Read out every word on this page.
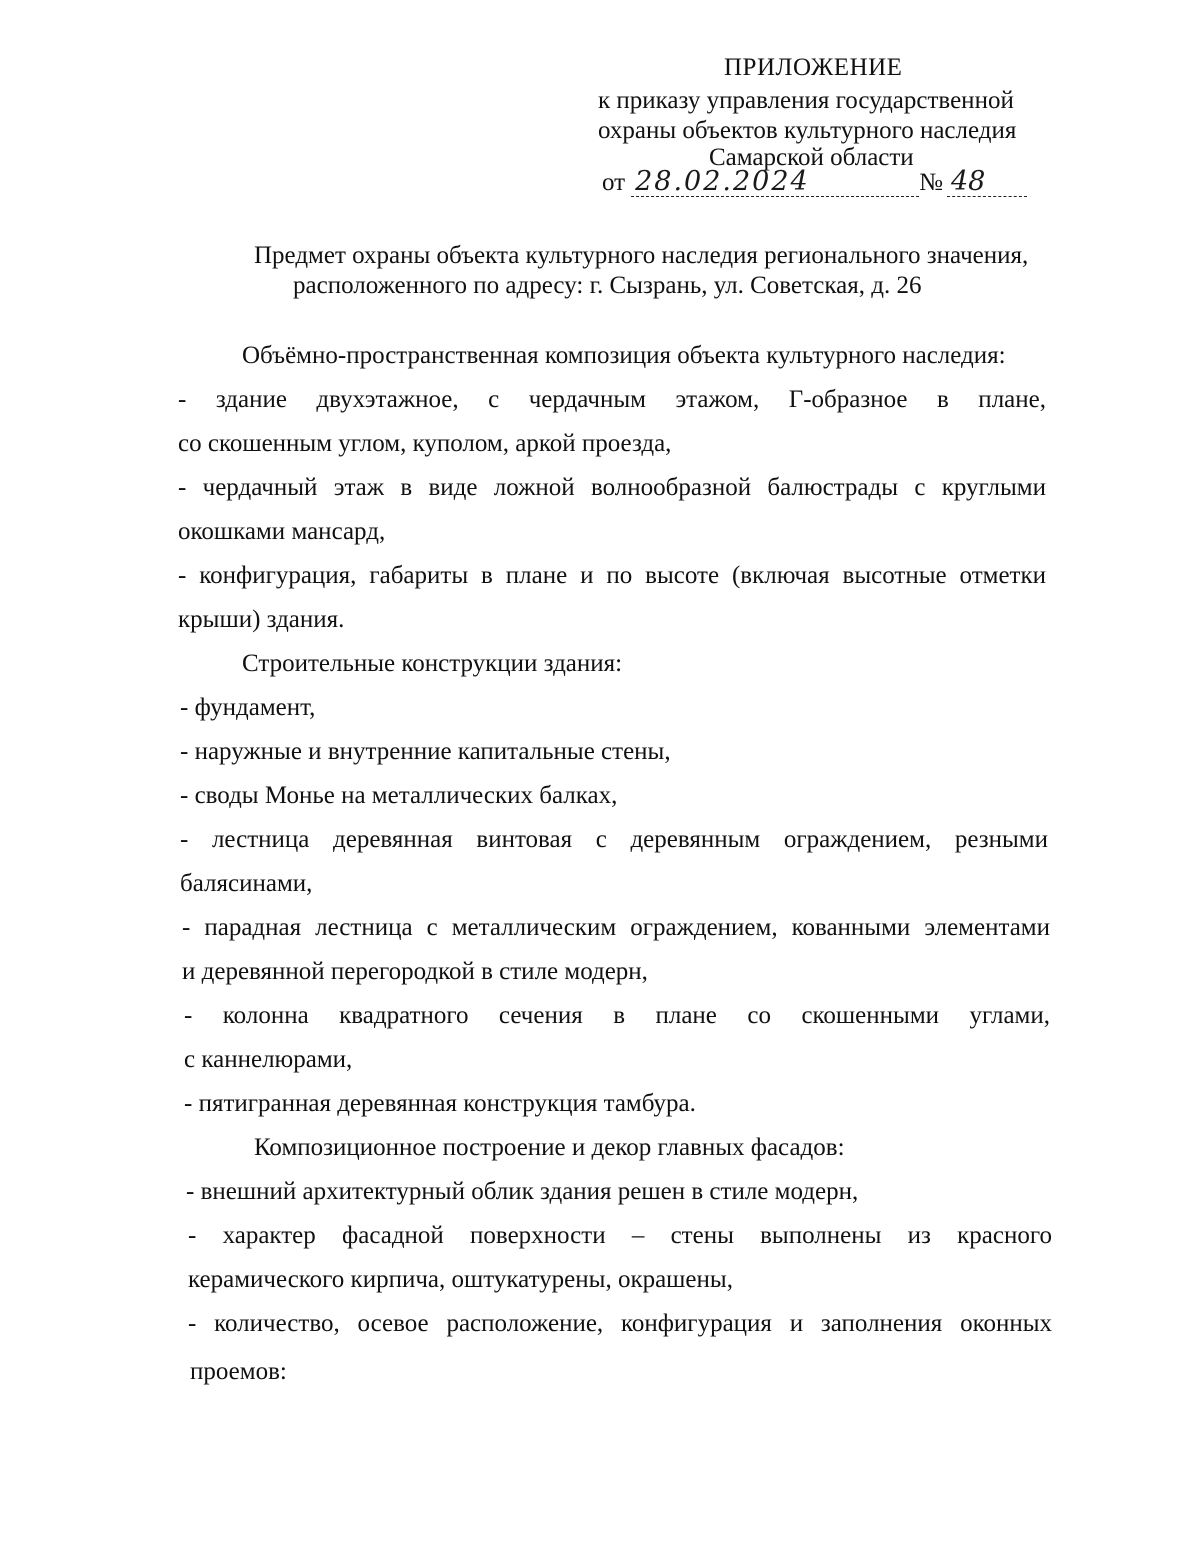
ПРИЛОЖЕНИЕ
к приказу управления государственной
охраны объектов культурного наследия
Самарской области
от 28.02.2024	№ 48
Предмет охраны объекта культурного наследия регионального значения,
расположенного по адресу: г. Сызрань, ул. Советская, д. 26
Объёмно-пространственная композиция объекта культурного наследия:
- здание двухэтажное, с чердачным этажом, Г-образное в плане,
со скошенным углом, куполом, аркой проезда,
- чердачный этаж в виде ложной волнообразной балюстрады с круглыми
окошками мансард,
- конфигурация, габариты в плане и по высоте (включая высотные отметки
крыши) здания.
Строительные конструкции здания:
- фундамент,
- наружные и внутренние капитальные стены,
- своды Монье на металлических балках,
- лестница деревянная винтовая с деревянным ограждением, резными
балясинами,
- парадная лестница с металлическим ограждением, кованными элементами
и деревянной перегородкой в стиле модерн,
- колонна квадратного сечения в плане со скошенными углами,
с каннелюрами,
- пятигранная деревянная конструкция тамбура.
Композиционное построение и декор главных фасадов:
- внешний архитектурный облик здания решен в стиле модерн,
- характер фасадной поверхности – стены выполнены из красного
керамического кирпича, оштукатурены, окрашены,
- количество, осевое расположение, конфигурация и заполнения оконных
проемов:
